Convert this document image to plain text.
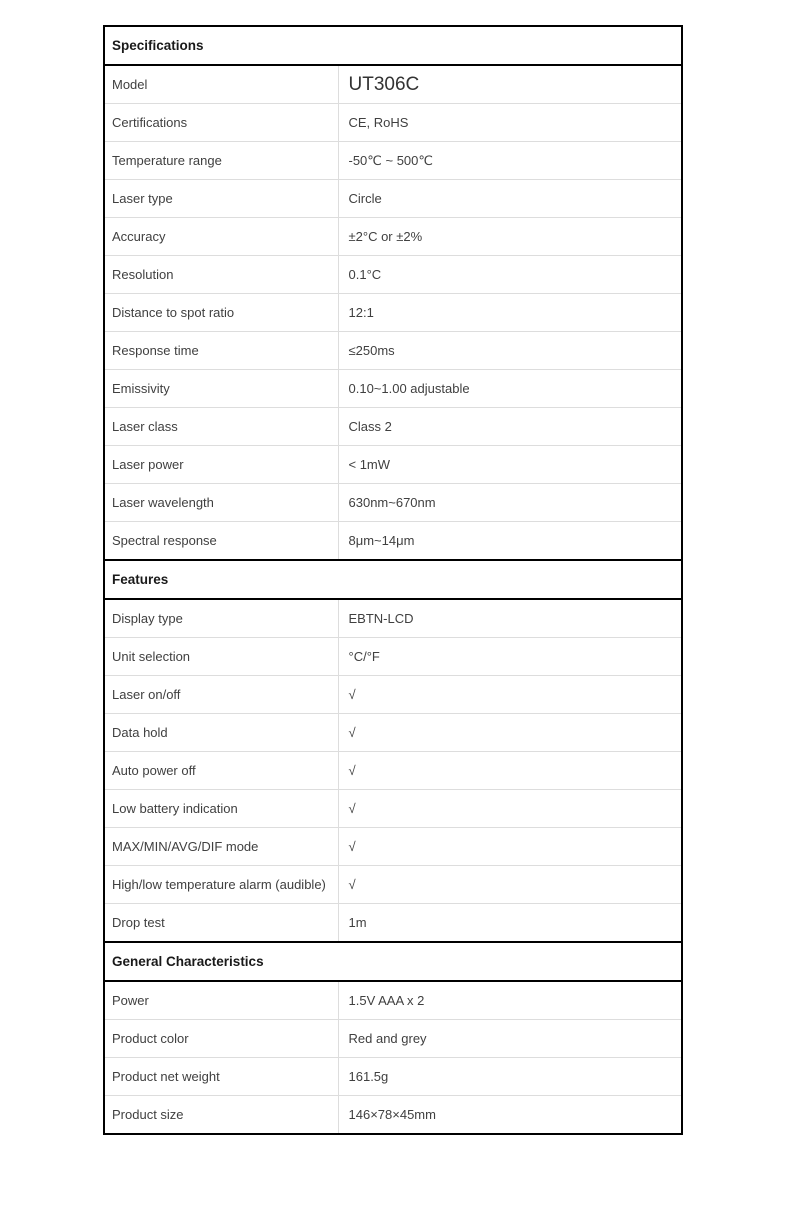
Specifications	
Model	UT306C
Certifications	CE, RoHS
Temperature range	-50℃ ~ 500℃
Laser type	Circle
Accuracy	±2°C or ±2%
Resolution	0.1°C
Distance to spot ratio	12:1
Response time	≤250ms
Emissivity	0.10~1.00 adjustable
Laser class	Class 2
Laser power	< 1mW
Laser wavelength	630nm~670nm
Spectral response	8μm~14μm
Features	
Display type	EBTN-LCD
Unit selection	°C/°F
Laser on/off	√
Data hold	√
Auto power off	√
Low battery indication	√
MAX/MIN/AVG/DIF mode	√
High/low temperature alarm (audible)	√
Drop test	1m
General Characteristics	
Power	1.5V AAA x 2
Product color	Red and grey
Product net weight	161.5g
Product size	146×78×45mm
